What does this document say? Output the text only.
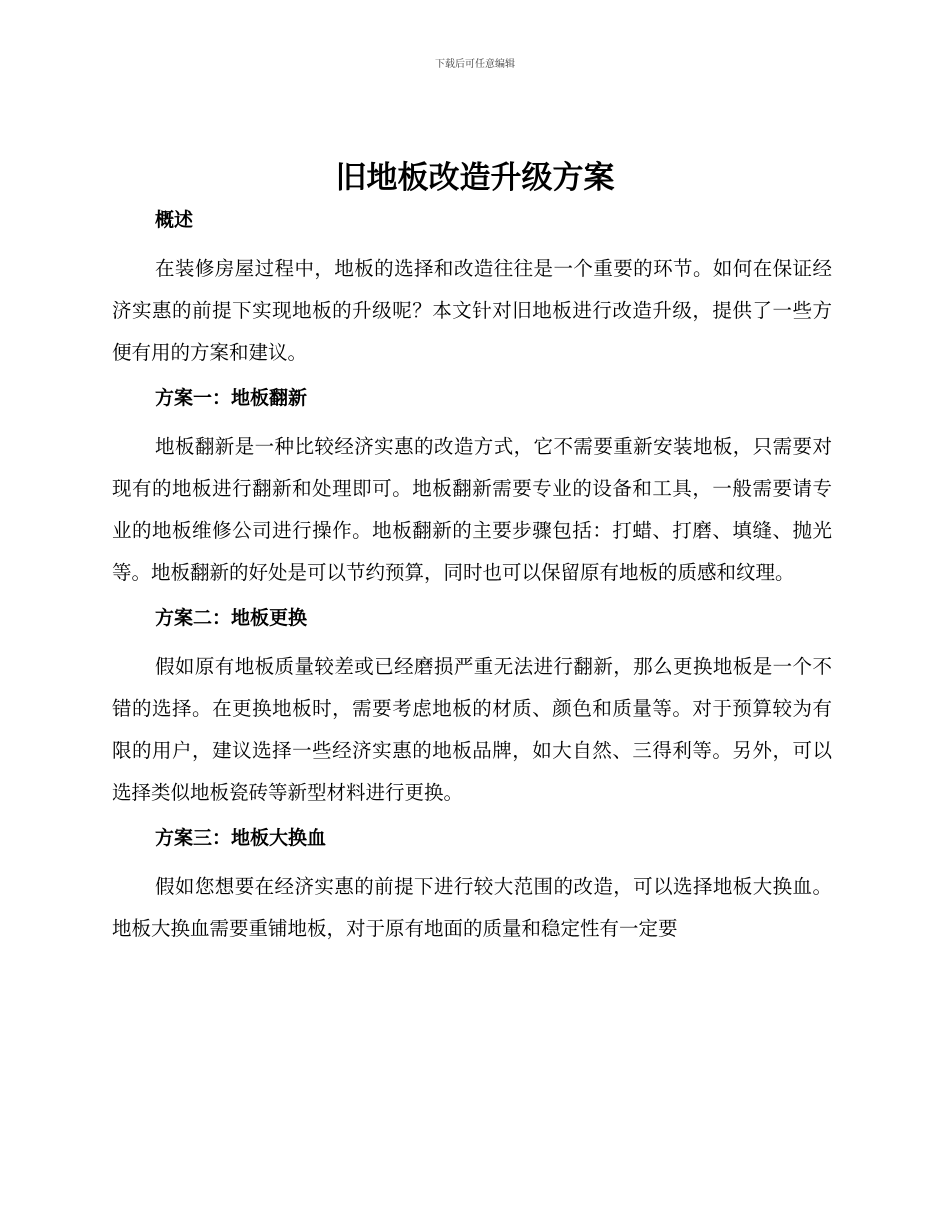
下载后可任意编辑
旧地板改造升级方案
概述

在装修房屋过程中，地板的选择和改造往往是一个重要的环节。如何在保证经济实惠的前提下实现地板的升级呢？本文针对旧地板进行改造升级，提供了一些方便有用的方案和建议。

方案一：地板翻新

地板翻新是一种比较经济实惠的改造方式，它不需要重新安装地板，只需要对现有的地板进行翻新和处理即可。地板翻新需要专业的设备和工具，一般需要请专业的地板维修公司进行操作。地板翻新的主要步骤包括：打蜡、打磨、填缝、抛光等。地板翻新的好处是可以节约预算，同时也可以保留原有地板的质感和纹理。

方案二：地板更换

假如原有地板质量较差或已经磨损严重无法进行翻新，那么更换地板是一个不错的选择。在更换地板时，需要考虑地板的材质、颜色和质量等。对于预算较为有限的用户，建议选择一些经济实惠的地板品牌，如大自然、三得利等。另外，可以选择类似地板瓷砖等新型材料进行更换。

方案三：地板大换血

假如您想要在经济实惠的前提下进行较大范围的改造，可以选择地板大换血。地板大换血需要重铺地板，对于原有地面的质量和稳定性有一定要
